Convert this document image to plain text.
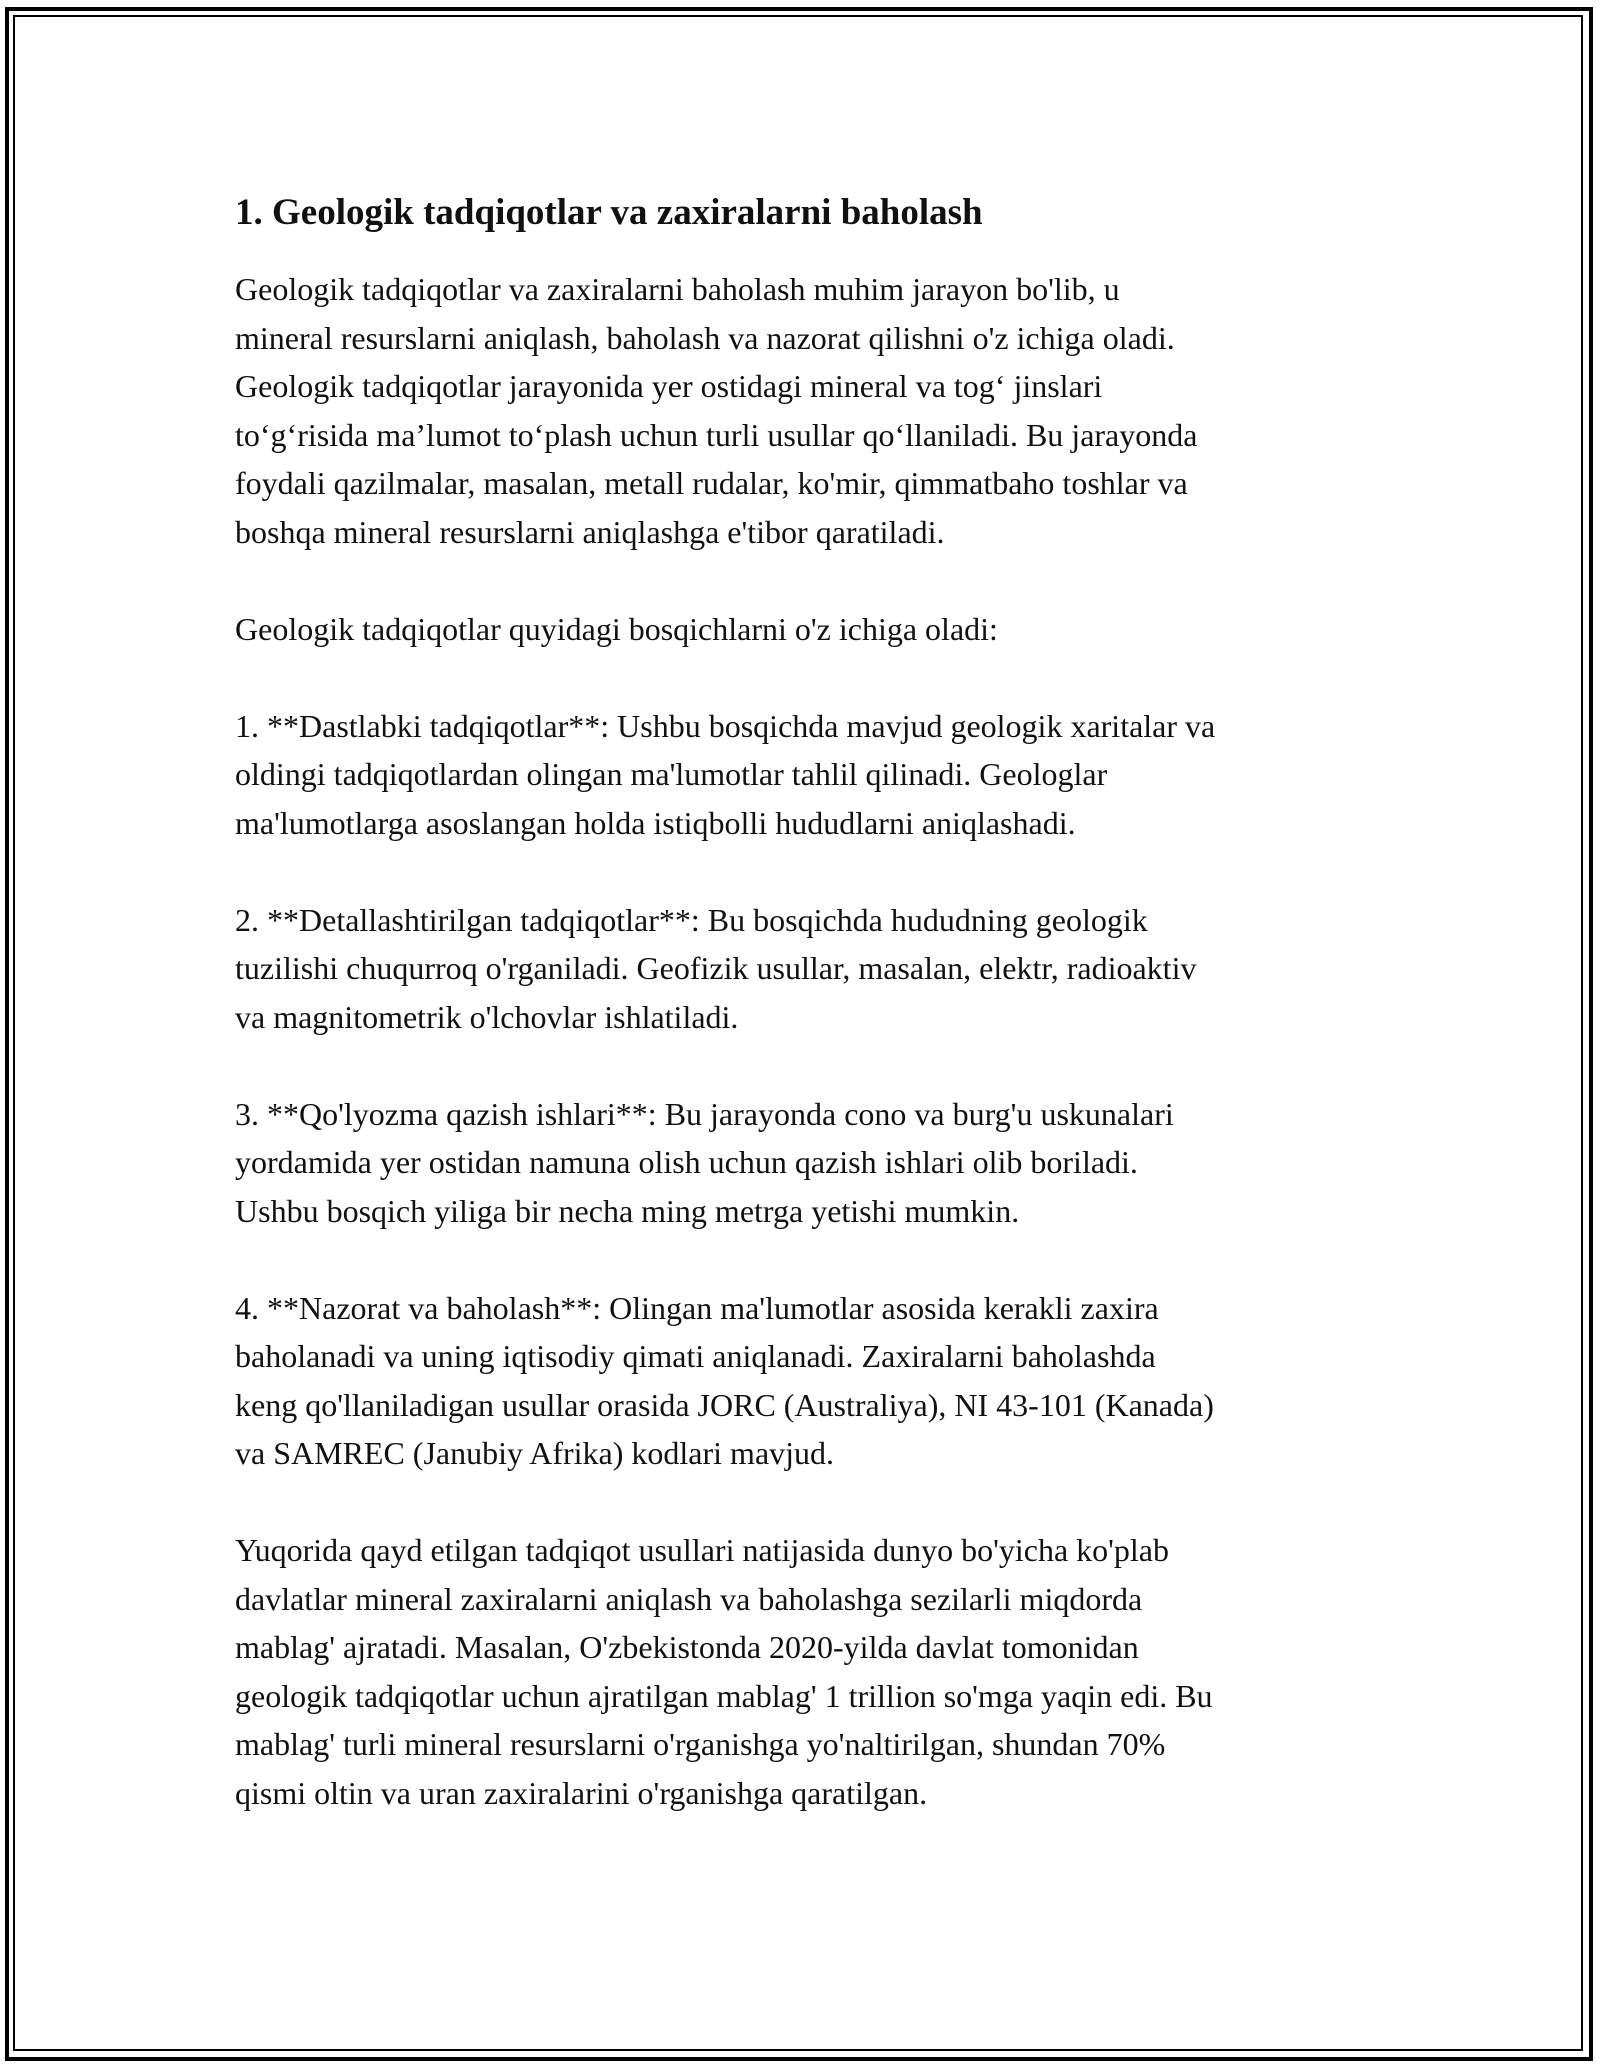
1. Geologik tadqiqotlar va zaxiralarni baholash
Geologik tadqiqotlar va zaxiralarni baholash muhim jarayon bo'lib, u
mineral resurslarni aniqlash, baholash va nazorat qilishni o'z ichiga oladi.
Geologik tadqiqotlar jarayonida yer ostidagi mineral va tog‘ jinslari
to‘g‘risida ma’lumot to‘plash uchun turli usullar qo‘llaniladi. Bu jarayonda
foydali qazilmalar, masalan, metall rudalar, ko'mir, qimmatbaho toshlar va
boshqa mineral resurslarni aniqlashga e'tibor qaratiladi.
Geologik tadqiqotlar quyidagi bosqichlarni o'z ichiga oladi:
1. **Dastlabki tadqiqotlar**: Ushbu bosqichda mavjud geologik xaritalar va
oldingi tadqiqotlardan olingan ma'lumotlar tahlil qilinadi. Geologlar
ma'lumotlarga asoslangan holda istiqbolli hududlarni aniqlashadi.
2. **Detallashtirilgan tadqiqotlar**: Bu bosqichda hududning geologik
tuzilishi chuqurroq o'rganiladi. Geofizik usullar, masalan, elektr, radioaktiv
va magnitometrik o'lchovlar ishlatiladi.
3. **Qo'lyozma qazish ishlari**: Bu jarayonda cono va burg'u uskunalari
yordamida yer ostidan namuna olish uchun qazish ishlari olib boriladi.
Ushbu bosqich yiliga bir necha ming metrga yetishi mumkin.
4. **Nazorat va baholash**: Olingan ma'lumotlar asosida kerakli zaxira
baholanadi va uning iqtisodiy qimati aniqlanadi. Zaxiralarni baholashda
keng qo'llaniladigan usullar orasida JORC (Australiya), NI 43-101 (Kanada)
va SAMREC (Janubiy Afrika) kodlari mavjud.
Yuqorida qayd etilgan tadqiqot usullari natijasida dunyo bo'yicha ko'plab
davlatlar mineral zaxiralarni aniqlash va baholashga sezilarli miqdorda
mablag' ajratadi. Masalan, O'zbekistonda 2020-yilda davlat tomonidan
geologik tadqiqotlar uchun ajratilgan mablag' 1 trillion so'mga yaqin edi. Bu
mablag' turli mineral resurslarni o'rganishga yo'naltirilgan, shundan 70%
qismi oltin va uran zaxiralarini o'rganishga qaratilgan.
